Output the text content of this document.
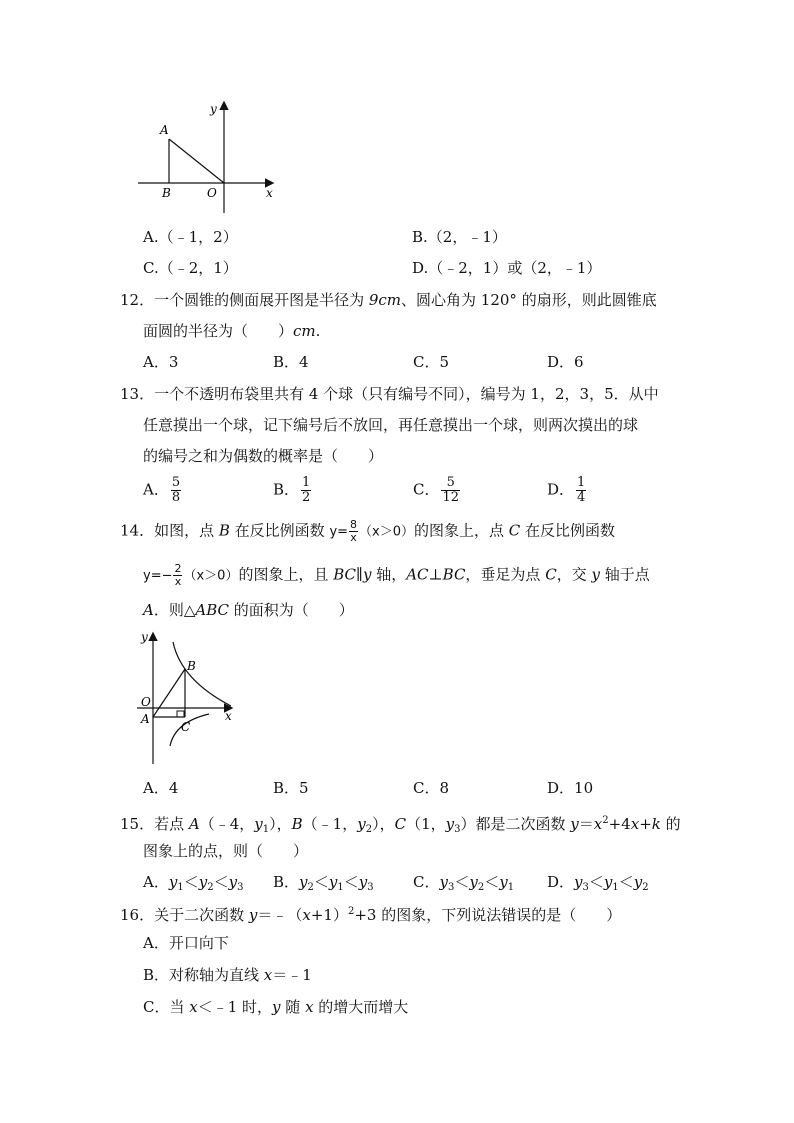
y
A
B	O	x
A.（﹣1，2）	B.（2，﹣1）
C.（﹣2，1）	D.（﹣2，1）或（2，﹣1）
12．一个圆锥的侧面展开图是半径为 9cm、圆心角为 120° 的扇形，则此圆锥底
面圆的半径为（　　）cm.
A．3	B．4	C．5	D．6
13．一个不透明布袋里共有 4 个球（只有编号不同），编号为 1，2，3，5．从中
任意摸出一个球，记下编号后不放回，再任意摸出一个球，则两次摸出的球
的编号之和为偶数的概率是（　　）
A． $\frac{5}{8}$	B． $\frac{1}{2}$	C． $\frac{5}{12}$	D． $\frac{1}{4}$
14．如图，点 B 在反比例函数 $y= \frac{8}{x} (x>0)$的图象上，点 C 在反比例函数
$y=- \frac{2}{x} (x>0)$的图象上，且 BC∥y 轴，AC⊥BC，垂足为点 C，交 y 轴于点
A．则△ABC 的面积为（　　）
y
B
O
A
C
x
A．4	B．5	C．8	D．10
15．若点 A（﹣4，$y_1$），B（﹣1，$y_2$），C（1，$y_3$）都是二次函数 $y=x^2+4x+k$ 的
图象上的点，则（　　）
A．$y_1<y_2<y_3$ B．$y_2<y_1<y_3$	C．$y_3<y_2<y_1$ D．$y_3<y_1<y_2$
16．关于二次函数 $y=﹣(x+1)^2+3$ 的图象，下列说法错误的是（　　）
A．开口向下
B．对称轴为直线 x＝﹣1
C．当 x＜﹣1 时，y 随 x 的增大而增大
